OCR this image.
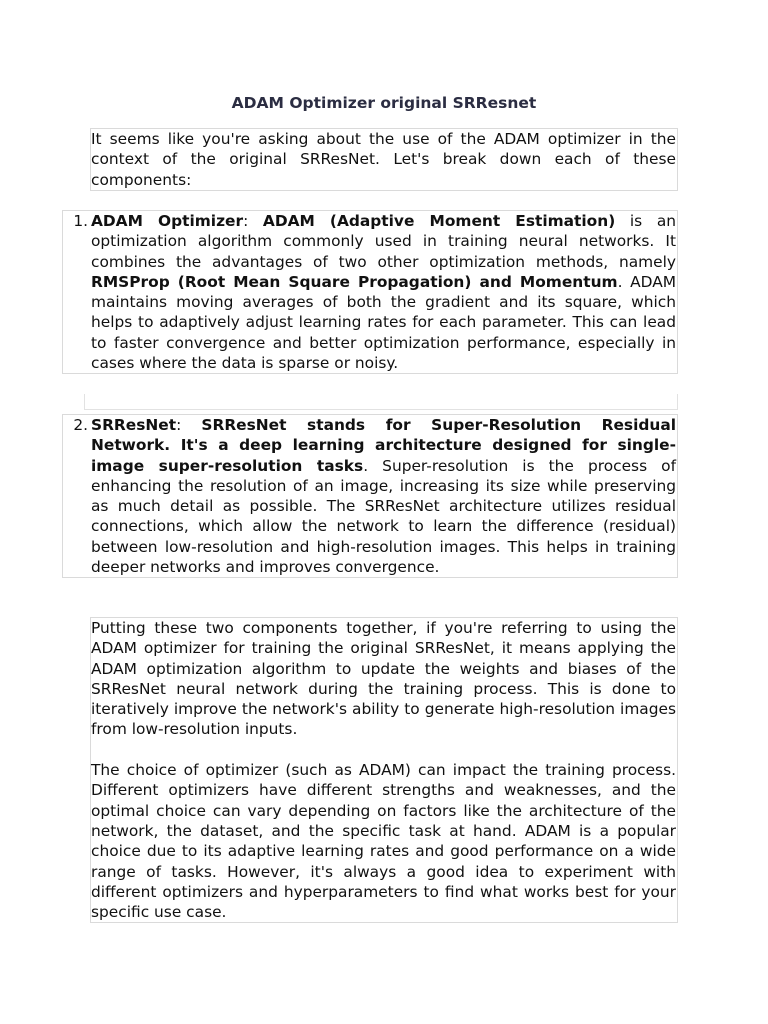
ADAM Optimizer original SRResnet

It seems like you're asking about the use of the ADAM optimizer in the context of the original SRResNet. Let's break down each of these components:

1. ADAM Optimizer: ADAM (Adaptive Moment Estimation) is an optimization algorithm commonly used in training neural networks. It combines the advantages of two other optimization methods, namely RMSProp (Root Mean Square Propagation) and Momentum. ADAM maintains moving averages of both the gradient and its square, which helps to adaptively adjust learning rates for each parameter. This can lead to faster convergence and better optimization performance, especially in cases where the data is sparse or noisy.

2. SRResNet: SRResNet stands for Super-Resolution Residual Network. It's a deep learning architecture designed for single-image super-resolution tasks. Super-resolution is the process of enhancing the resolution of an image, increasing its size while preserving as much detail as possible. The SRResNet architecture utilizes residual connections, which allow the network to learn the difference (residual) between low-resolution and high-resolution images. This helps in training deeper networks and improves convergence.

Putting these two components together, if you're referring to using the ADAM optimizer for training the original SRResNet, it means applying the ADAM optimization algorithm to update the weights and biases of the SRResNet neural network during the training process. This is done to iteratively improve the network's ability to generate high-resolution images from low-resolution inputs.

The choice of optimizer (such as ADAM) can impact the training process. Different optimizers have different strengths and weaknesses, and the optimal choice can vary depending on factors like the architecture of the network, the dataset, and the specific task at hand. ADAM is a popular choice due to its adaptive learning rates and good performance on a wide range of tasks. However, it's always a good idea to experiment with different optimizers and hyperparameters to find what works best for your specific use case.
